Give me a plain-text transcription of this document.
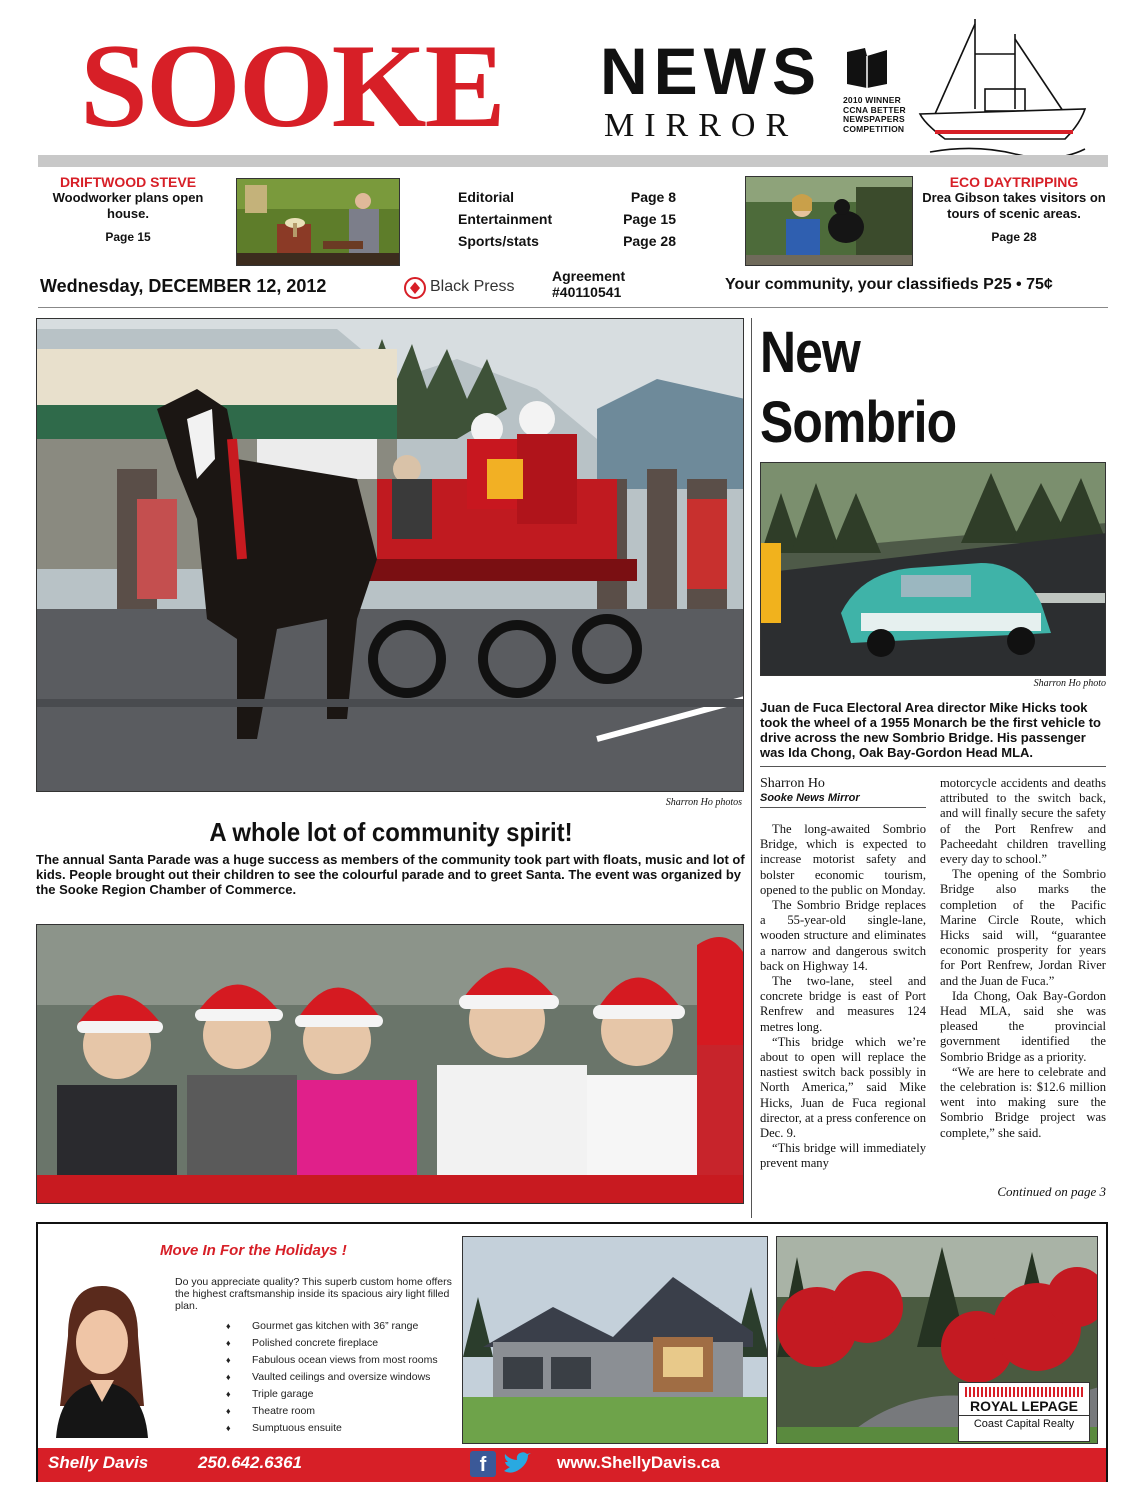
SOOKE	NEWS
MIRROR
2010 WINNER
CCNA BETTER
NEWSPAPERS
COMPETITION
DRIFTWOOD STEVE
Woodworker plans open house.
Page 15
Editorial	Page 8
Entertainment	Page 15
Sports/stats	Page 28
ECO DAYTRIPPING
Drea Gibson takes visitors on tours of scenic areas.
Page 28
Wednesday, DECEMBER 12, 2012	Black Press
Agreement
#40110541	Your community, your classifieds P25 • 75¢
Sharron Ho photos
A whole lot of community spirit!
The annual Santa Parade was a huge success as members of the community took part with floats, music and lot of kids. People brought out their children to see the colourful parade and to greet Santa. The event was organized by the Sooke Region Chamber of Commerce.
New Sombrio
Sharron Ho photo
Juan de Fuca Electoral Area director Mike Hicks took took the wheel of a 1955 Monarch be the first vehicle to drive across the new Sombrio Bridge. His passenger was Ida Chong, Oak Bay-Gordon Head MLA.
Sharron Ho
Sooke News Mirror

The long-awaited Sombrio Bridge, which is expected to increase motorist safety and bolster economic tourism, opened to the public on Monday.

The Sombrio Bridge replaces a 55-year-old single-lane, wooden structure and eliminates a narrow and dangerous switch back on Highway 14.

The two-lane, steel and concrete bridge is east of Port Renfrew and measures 124 metres long.

“This bridge which we’re about to open will replace the nastiest switch back possibly in North America,” said Mike Hicks, Juan de Fuca regional director, at a press conference on Dec. 9.

“This bridge will immediately prevent many

motorcycle accidents and deaths attributed to the switch back, and will finally secure the safety of the Port Renfrew and Pacheedaht children travelling every day to school.”

The opening of the Sombrio Bridge also marks the completion of the Pacific Marine Circle Route, which Hicks said will, “guarantee economic prosperity for years for Port Renfrew, Jordan River and the Juan de Fuca.”

Ida Chong, Oak Bay-Gordon Head MLA, said she was pleased the provincial government identified the Sombrio Bridge as a priority.

“We are here to celebrate and the celebration is: $12.6 million went into making sure the Sombrio Bridge project was complete,” she said.

Continued on page 3
Move In For the Holidays !
Do you appreciate quality? This superb custom home offers the highest craftsmanship inside its spacious airy light filled plan.
♦ Gourmet gas kitchen with 36” range
♦ Polished concrete fireplace
♦ Fabulous ocean views from most rooms
♦ Vaulted ceilings and oversize windows
♦ Triple garage
♦ Theatre room
♦ Sumptuous ensuite
ROYAL LEPAGE
Coast Capital Realty
Shelly Davis	250.642.6361	f	www.ShellyDavis.ca
